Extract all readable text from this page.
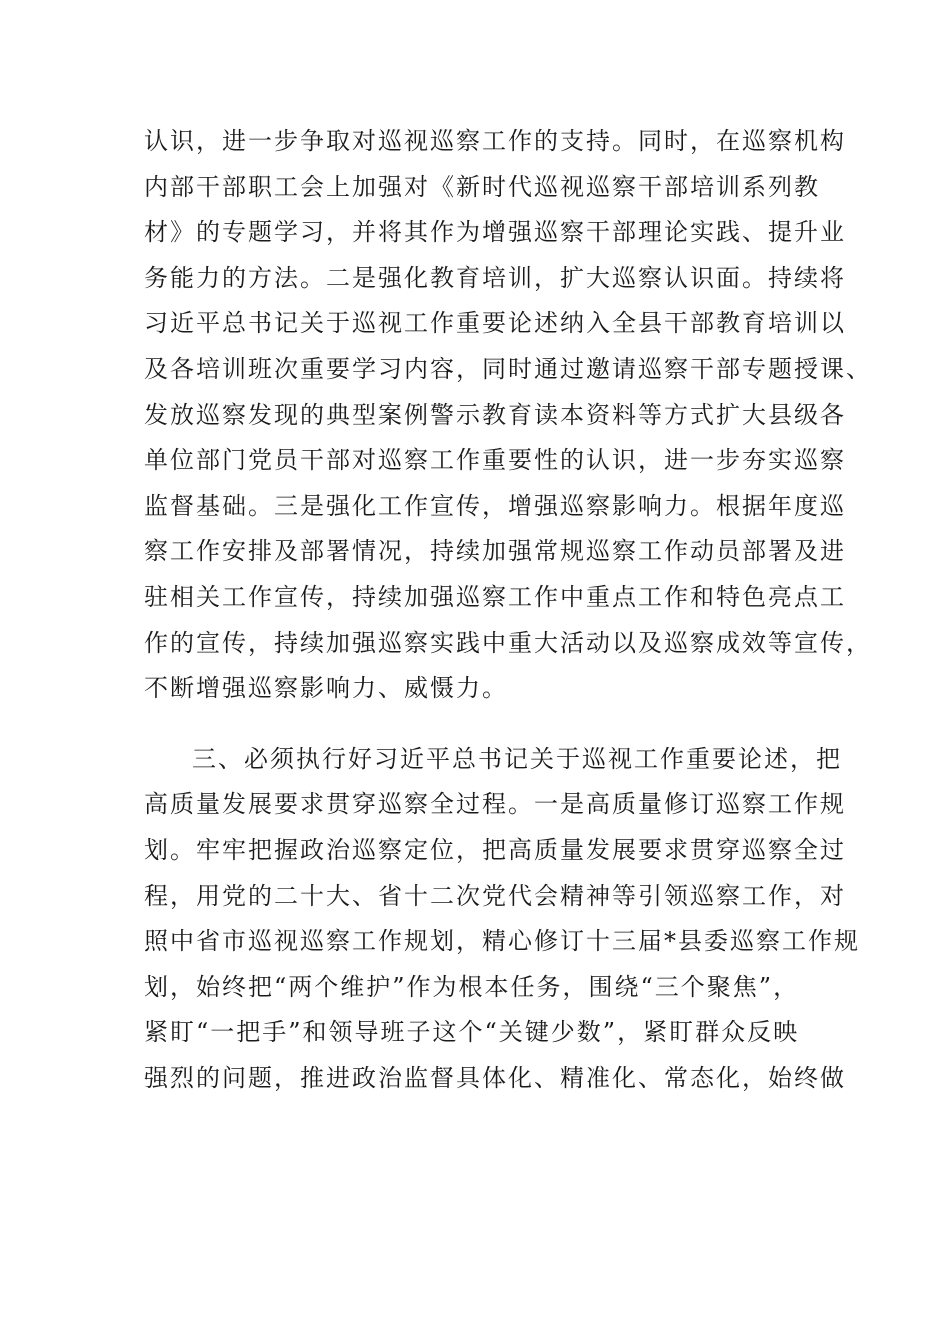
认识，进一步争取对巡视巡察工作的支持。同时，在巡察机构
内部干部职工会上加强对《新时代巡视巡察干部培训系列教
材》的专题学习，并将其作为增强巡察干部理论实践、提升业
务能力的方法。二是强化教育培训，扩大巡察认识面。持续将
习近平总书记关于巡视工作重要论述纳入全县干部教育培训以
及各培训班次重要学习内容，同时通过邀请巡察干部专题授课、
发放巡察发现的典型案例警示教育读本资料等方式扩大县级各
单位部门党员干部对巡察工作重要性的认识，进一步夯实巡察
监督基础。三是强化工作宣传，增强巡察影响力。根据年度巡
察工作安排及部署情况，持续加强常规巡察工作动员部署及进
驻相关工作宣传，持续加强巡察工作中重点工作和特色亮点工
作的宣传，持续加强巡察实践中重大活动以及巡察成效等宣传，
不断增强巡察影响力、威慑力。
三、必须执行好习近平总书记关于巡视工作重要论述，把
高质量发展要求贯穿巡察全过程。一是高质量修订巡察工作规
划。牢牢把握政治巡察定位，把高质量发展要求贯穿巡察全过
程，用党的二十大、省十二次党代会精神等引领巡察工作，对
照中省市巡视巡察工作规划，精心修订十三届*县委巡察工作规
划，始终把“两个维护”作为根本任务，围绕“三个聚焦”，
紧盯“一把手”和领导班子这个“关键少数”，紧盯群众反映
强烈的问题，推进政治监督具体化、精准化、常态化，始终做
